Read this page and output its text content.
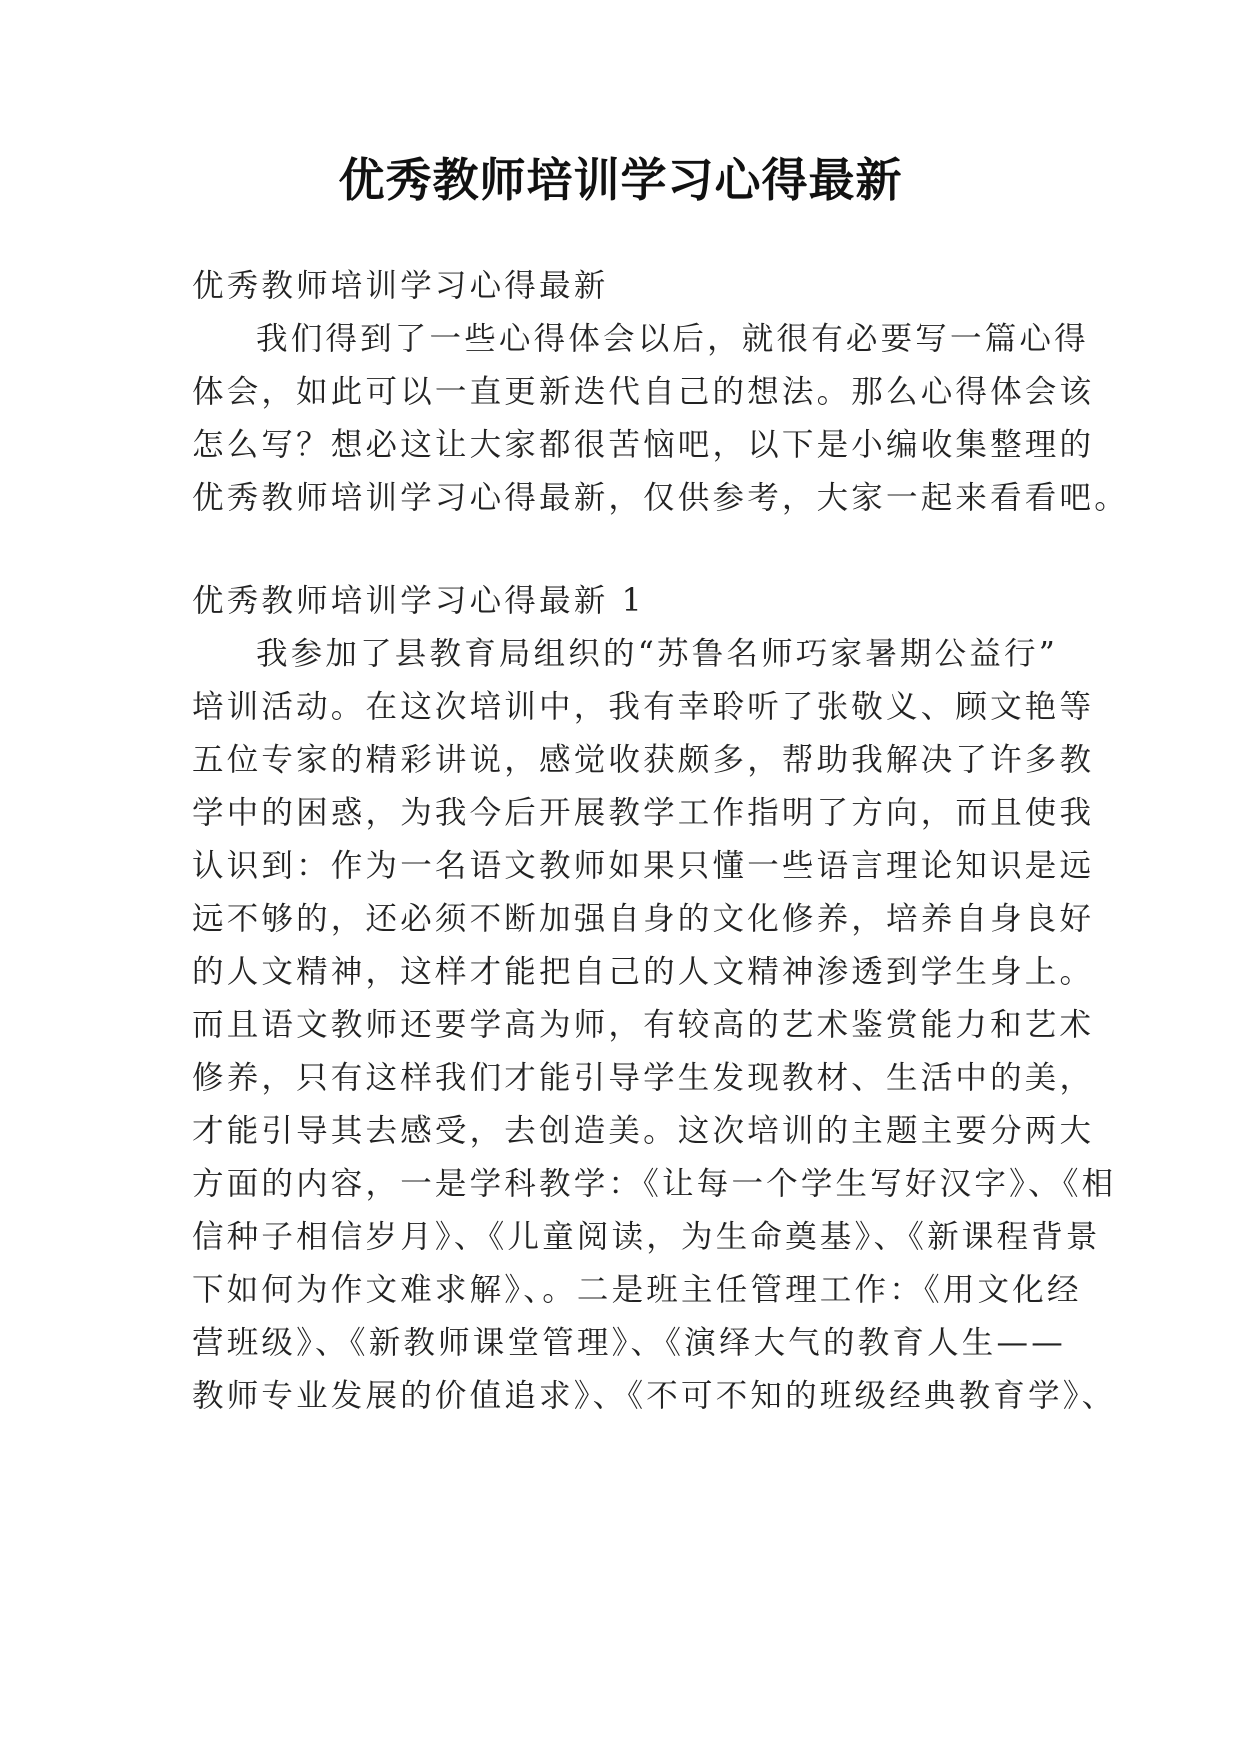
优秀教师培训学习心得最新
优秀教师培训学习心得最新
我们得到了一些心得体会以后，就很有必要写一篇心得
体会，如此可以一直更新迭代自己的想法。那么心得体会该
怎么写？想必这让大家都很苦恼吧，以下是小编收集整理的
优秀教师培训学习心得最新，仅供参考，大家一起来看看吧。
优秀教师培训学习心得最新 1
我参加了县教育局组织的“苏鲁名师巧家暑期公益行”
培训活动。在这次培训中，我有幸聆听了张敬义、顾文艳等
五位专家的精彩讲说，感觉收获颇多，帮助我解决了许多教
学中的困惑，为我今后开展教学工作指明了方向，而且使我
认识到：作为一名语文教师如果只懂一些语言理论知识是远
远不够的，还必须不断加强自身的文化修养，培养自身良好
的人文精神，这样才能把自己的人文精神渗透到学生身上。
而且语文教师还要学高为师，有较高的艺术鉴赏能力和艺术
修养，只有这样我们才能引导学生发现教材、生活中的美，
才能引导其去感受，去创造美。这次培训的主题主要分两大
方面的内容，一是学科教学：《让每一个学生写好汉字》、《相
信种子相信岁月》、《儿童阅读，为生命奠基》、《新课程背景
下如何为作文难求解》、。二是班主任管理工作：《用文化经
营班级》、《新教师课堂管理》、《演绎大气的教育人生——
教师专业发展的价值追求》、《不可不知的班级经典教育学》、
